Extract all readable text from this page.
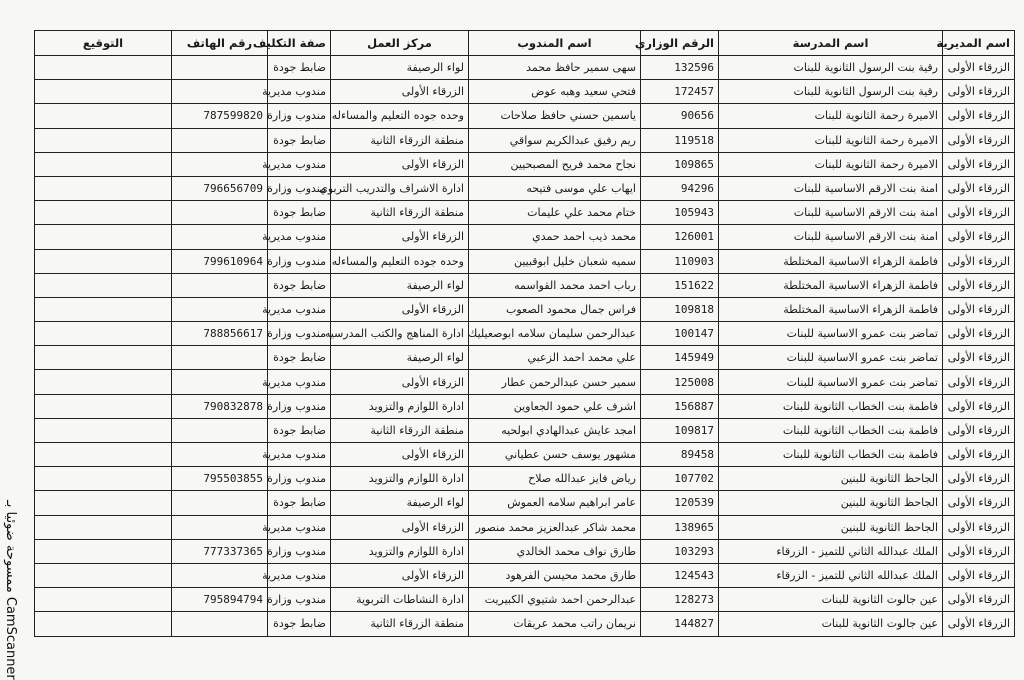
ممسوحة ضوئيا بـ CamScanner
اسم المديرية	اسم المدرسة	الرقم الوزاري	اسم المندوب	مركز العمل	صفة التكليف	رقم الهاتف	التوقيع
الزرقاء الأولى	رقية بنت الرسول الثانوية للبنات	132596	سهى سمير حافظ محمد	لواء الرصيفة	ضابط جودة		
الزرقاء الأولى	رقية بنت الرسول الثانوية للبنات	172457	فتحي سعيد وهبه عوض	الزرقاء الأولى	مندوب مديرية		
الزرقاء الأولى	الاميرة رحمة الثانوية للبنات	90656	ياسمين حسني حافظ صلاحات	وحده جوده التعليم والمساءله	مندوب وزارة	787599820	
الزرقاء الأولى	الاميرة رحمة الثانوية للبنات	119518	ريم رفيق عبدالكريم سواقي	منطقة الزرقاء الثانية	ضابط جودة		
الزرقاء الأولى	الاميرة رحمة الثانوية للبنات	109865	نجاح محمد فريح المصبحيين	الزرقاء الأولى	مندوب مديرية		
الزرقاء الأولى	امنة بنت الارقم الاساسية للبنات	94296	ايهاب علي موسى فتيحه	ادارة الاشراف والتدريب التربوي	مندوب وزارة	796656709	
الزرقاء الأولى	امنة بنت الارقم الاساسية للبنات	105943	ختام محمد علي عليمات	منطقة الزرقاء الثانية	ضابط جودة		
الزرقاء الأولى	امنة بنت الارقم الاساسية للبنات	126001	محمد ذيب احمد حمدي	الزرقاء الأولى	مندوب مديرية		
الزرقاء الأولى	فاطمة الزهراء الاساسية المختلطة	110903	سميه شعبان خليل ابوقبيين	وحده جوده التعليم والمساءله	مندوب وزارة	799610964	
الزرقاء الأولى	فاطمة الزهراء الاساسية المختلطة	151622	رباب احمد محمد القواسمه	لواء الرصيفة	ضابط جودة		
الزرقاء الأولى	فاطمة الزهراء الاساسية المختلطة	109818	فراس جمال محمود الصعوب	الزرقاء الأولى	مندوب مديرية		
الزرقاء الأولى	تماضر بنت عمرو الاساسية للبنات	100147	عبدالرحمن سليمان سلامه ابوصعيليك	ادارة المناهج والكتب المدرسيه	مندوب وزارة	788856617	
الزرقاء الأولى	تماضر بنت عمرو الاساسية للبنات	145949	علي محمد احمد الزعبي	لواء الرصيفة	ضابط جودة		
الزرقاء الأولى	تماضر بنت عمرو الاساسية للبنات	125008	سمير حسن عبدالرحمن عطار	الزرقاء الأولى	مندوب مديرية		
الزرقاء الأولى	فاطمة بنت الخطاب الثانوية للبنات	156887	اشرف علي حمود الجعاوين	ادارة اللوازم والتزويد	مندوب وزارة	790832878	
الزرقاء الأولى	فاطمة بنت الخطاب الثانوية للبنات	109817	امجد عايش عبدالهادي ابولحيه	منطقة الزرقاء الثانية	ضابط جودة		
الزرقاء الأولى	فاطمة بنت الخطاب الثانوية للبنات	89458	مشهور يوسف حسن عطياني	الزرقاء الأولى	مندوب مديرية		
الزرقاء الأولى	الجاحظ الثانوية للبنين	107702	رياض فايز عبدالله صلاح	ادارة اللوازم والتزويد	مندوب وزارة	795503855	
الزرقاء الأولى	الجاحظ الثانوية للبنين	120539	عامر ابراهيم سلامه العموش	لواء الرصيفة	ضابط جودة		
الزرقاء الأولى	الجاحظ الثانوية للبنين	138965	محمد شاكر عبدالعزيز محمد منصور	الزرقاء الأولى	مندوب مديرية		
الزرقاء الأولى	الملك عبدالله الثاني للتميز - الزرقاء	103293	طارق نواف محمد الخالدي	ادارة اللوازم والتزويد	مندوب وزارة	777337365	
الزرقاء الأولى	الملك عبدالله الثاني للتميز - الزرقاء	124543	طارق محمد محيسن الفرهود	الزرقاء الأولى	مندوب مديرية		
الزرقاء الأولى	عين جالوت الثانوية للبنات	128273	عبدالرحمن احمد شتيوي الكبيريت	ادارة النشاطات التربوية	مندوب وزارة	795894794	
الزرقاء الأولى	عين جالوت الثانوية للبنات	144827	نريمان راتب محمد عريقات	منطقة الزرقاء الثانية	ضابط جودة		
